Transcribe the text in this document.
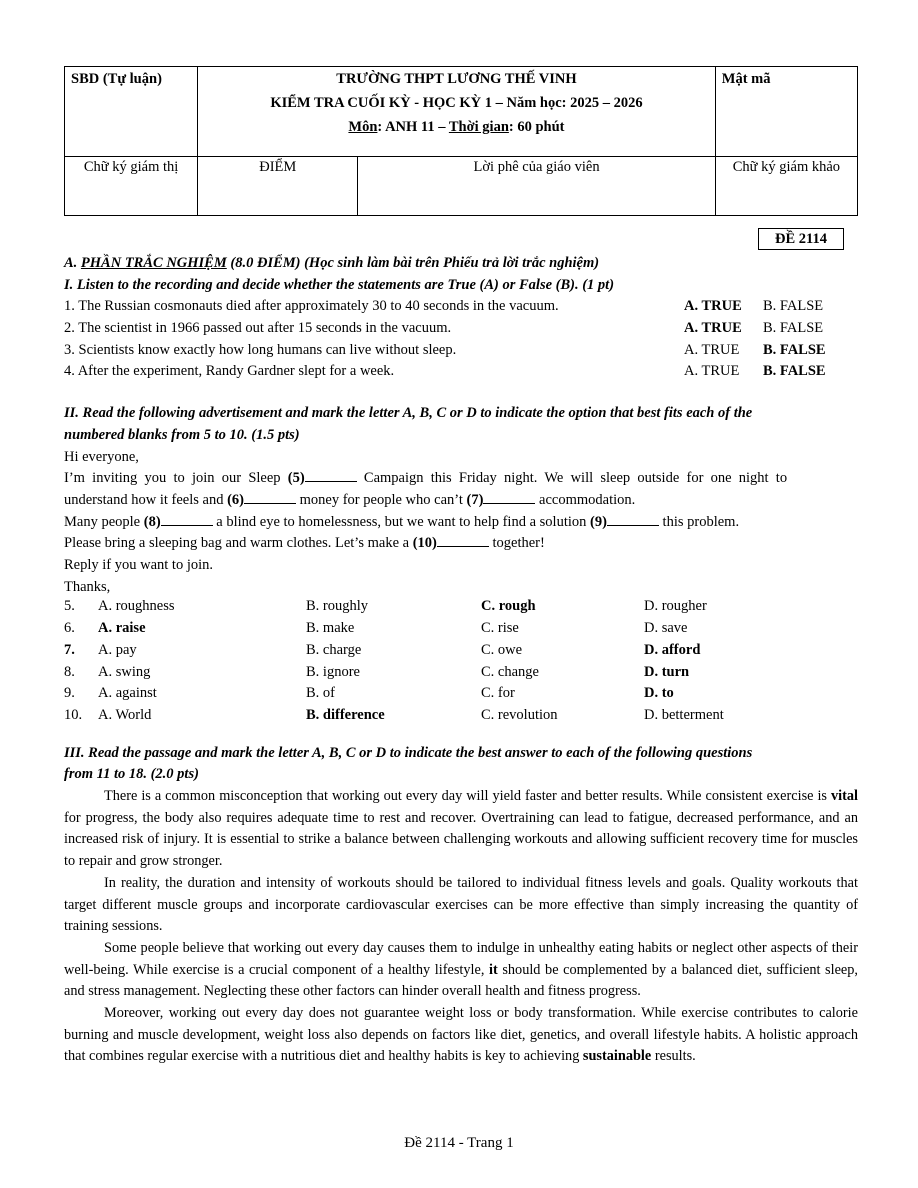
SBD (Tự luận)	TRƯỜNG THPT LƯƠNG THẾ VINH
KIỂM TRA CUỐI KỲ - HỌC KỲ 1 – Năm học: 2025 – 2026
Môn: ANH 11 – Thời gian: 60 phút		Mật mã
Chữ ký giám thị	ĐIỂM	Lời phê của giáo viên	Chữ ký giám khảo
ĐỀ 2114
A. PHẦN TRẮC NGHIỆM (8.0 ĐIỂM) (Học sinh làm bài trên Phiếu trả lời trắc nghiệm)
I. Listen to the recording and decide whether the statements are True (A) or False (B). (1 pt)
1. The Russian cosmonauts died after approximately 30 to 40 seconds in the vacuum.	A. TRUE B. FALSE
2. The scientist in 1966 passed out after 15 seconds in the vacuum.	A. TRUE B. FALSE
3. Scientists know exactly how long humans can live without sleep.	A. TRUE B. FALSE
4. After the experiment, Randy Gardner slept for a week.	A. TRUE B. FALSE
II. Read the following advertisement and mark the letter A, B, C or D to indicate the option that best fits each of the
numbered blanks from 5 to 10. (1.5 pts)
Hi everyone,
I’m inviting you to join our Sleep (5)	Campaign this Friday night. We will sleep outside for one night to
understand how it feels and (6)	money for people who can’t (7)	accommodation.
Many people (8)	a blind eye to homelessness, but we want to help find a solution (9)	this problem.
Please bring a sleeping bag and warm clothes. Let’s make a (10)	together!
Reply if you want to join.
Thanks,
5. A. roughness	B. roughly	C. rough	D. rougher
6. A. raise	B. make	C. rise	D. save
7. A. pay	B. charge	C. owe	D. afford
8. A. swing	B. ignore	C. change	D. turn
9. A. against	B. of	C. for	D. to
10. A. World	B. difference	C. revolution	D. betterment
III. Read the passage and mark the letter A, B, C or D to indicate the best answer to each of the following questions
from 11 to 18. (2.0 pts)

There is a common misconception that working out every day will yield faster and better results. While consistent exercise is vital for progress, the body also requires adequate time to rest and recover. Overtraining can lead to fatigue, decreased performance, and an increased risk of injury. It is essential to strike a balance between challenging workouts and allowing sufficient recovery time for muscles to repair and grow stronger.

In reality, the duration and intensity of workouts should be tailored to individual fitness levels and goals. Quality workouts that target different muscle groups and incorporate cardiovascular exercises can be more effective than simply increasing the quantity of training sessions.

Some people believe that working out every day causes them to indulge in unhealthy eating habits or neglect other aspects of their well-being. While exercise is a crucial component of a healthy lifestyle, it should be complemented by a balanced diet, sufficient sleep, and stress management. Neglecting these other factors can hinder overall health and fitness progress.

Moreover, working out every day does not guarantee weight loss or body transformation. While exercise contributes to calorie burning and muscle development, weight loss also depends on factors like diet, genetics, and overall lifestyle habits. A holistic approach that combines regular exercise with a nutritious diet and healthy habits is key to achieving sustainable results.

Đề 2114 - Trang 1
